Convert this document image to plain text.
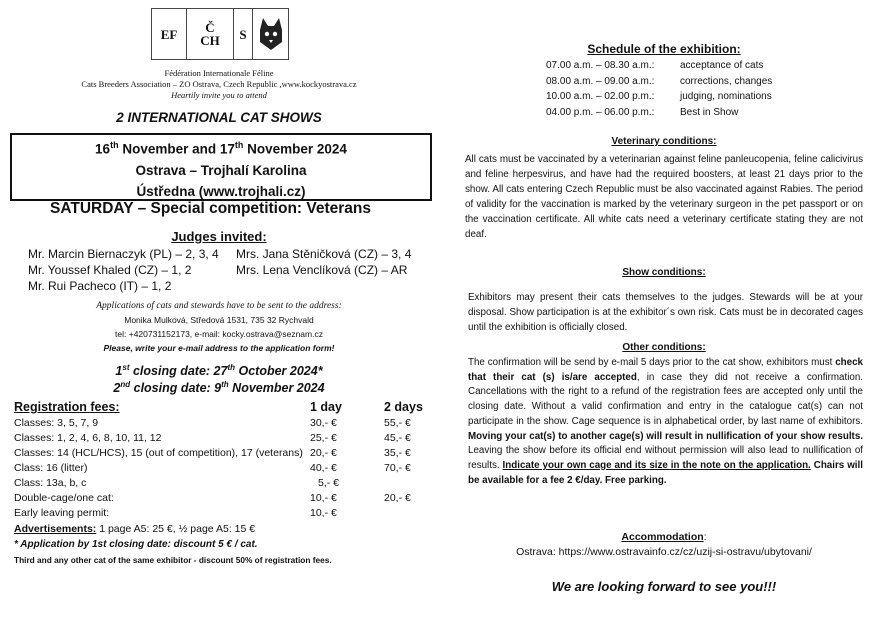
EF Č
CH S
Fédération Internationale Féline
Cats Breeders Association – ZO Ostrava, Czech Republic ,www.kockyostrava.cz
Heartily invite you to attend
2 INTERNATIONAL CAT SHOWS
16th November and 17th November 2024
Ostrava – Trojhalí Karolina
Ústředna (www.trojhali.cz)
SATURDAY – Special competition: Veterans
Judges invited:
Mr. Marcin Biernaczyk (PL) – 2, 3, 4 Mrs. Jana Stěničková (CZ) – 3, 4
Mr. Youssef Khaled (CZ) – 1, 2	Mrs. Lena Venclíková (CZ) – AR
Mr. Rui Pacheco (IT) – 1, 2
Applications of cats and stewards have to be sent to the address:
Monika Mulková, Středová 1531, 735 32 Rychvald
tel: +420731152173, e-mail: kocky.ostrava@seznam.cz
Please, write your e-mail address to the application form!
1st closing date: 27th October 2024*
2nd closing date: 9th November 2024
Registration fees:	1 day	2 days
Classes: 3, 5, 7, 9	30,- €	55,- €
Classes: 1, 2, 4, 6, 8, 10, 11, 12	25,- €	45,- €
Classes: 14 (HCL/HCS), 15 (out of competition), 17 (veterans) 20,- €	35,- €
Class: 16 (litter)	40,- €	70,- €
Class: 13a, b, c	5,- €
Double-cage/one cat:	10,- €	20,- €
Early leaving permit:	10,- €
Advertisements: 1 page A5: 25 €, ½ page A5: 15 €
* Application by 1st closing date: discount 5 € / cat.
Third and any other cat of the same exhibitor - discount 50% of registration fees.
Schedule of the exhibition:
07.00 a.m. – 08.30 a.m.:	acceptance of cats
08.00 a.m. – 09.00 a.m.:	corrections, changes
10.00 a.m. – 02.00 p.m.:	judging, nominations
04.00 p.m. – 06.00 p.m.:	Best in Show
Veterinary conditions:
All cats must be vaccinated by a veterinarian against feline panleucopenia, feline calicivirus and feline herpesvirus, and have had the required boosters, at least 21 days prior to the show. All cats entering Czech Republic must be also vaccinated against Rabies. The period of validity for the vaccination is marked by the veterinary surgeon in the pet passport or on the vaccination certificate. All white cats need a veterinary certificate stating they are not deaf.
Show conditions:
Exhibitors may present their cats themselves to the judges. Stewards will be at your disposal. Show participation is at the exhibitor´s own risk. Cats must be in decorated cages until the exhibition is officially closed.
Other conditions:
The confirmation will be send by e-mail 5 days prior to the cat show, exhibitors must check that their cat (s) is/are accepted, in case they did not receive a confirmation. Cancellations with the right to a refund of the registration fees are accepted only until the closing date. Without a valid confirmation and entry in the catalogue cat(s) can not participate in the show. Cage sequence is in alphabetical order, by last name of exhibitors. Moving your cat(s) to another cage(s) will result in nullification of your show results. Leaving the show before its official end without permission will also lead to nullification of results. Indicate your own cage and its size in the note on the application. Chairs will be available for a fee 2 €/day. Free parking.
Accommodation:
Ostrava: https://www.ostravainfo.cz/cz/uzij-si-ostravu/ubytovani/
We are looking forward to see you!!!
